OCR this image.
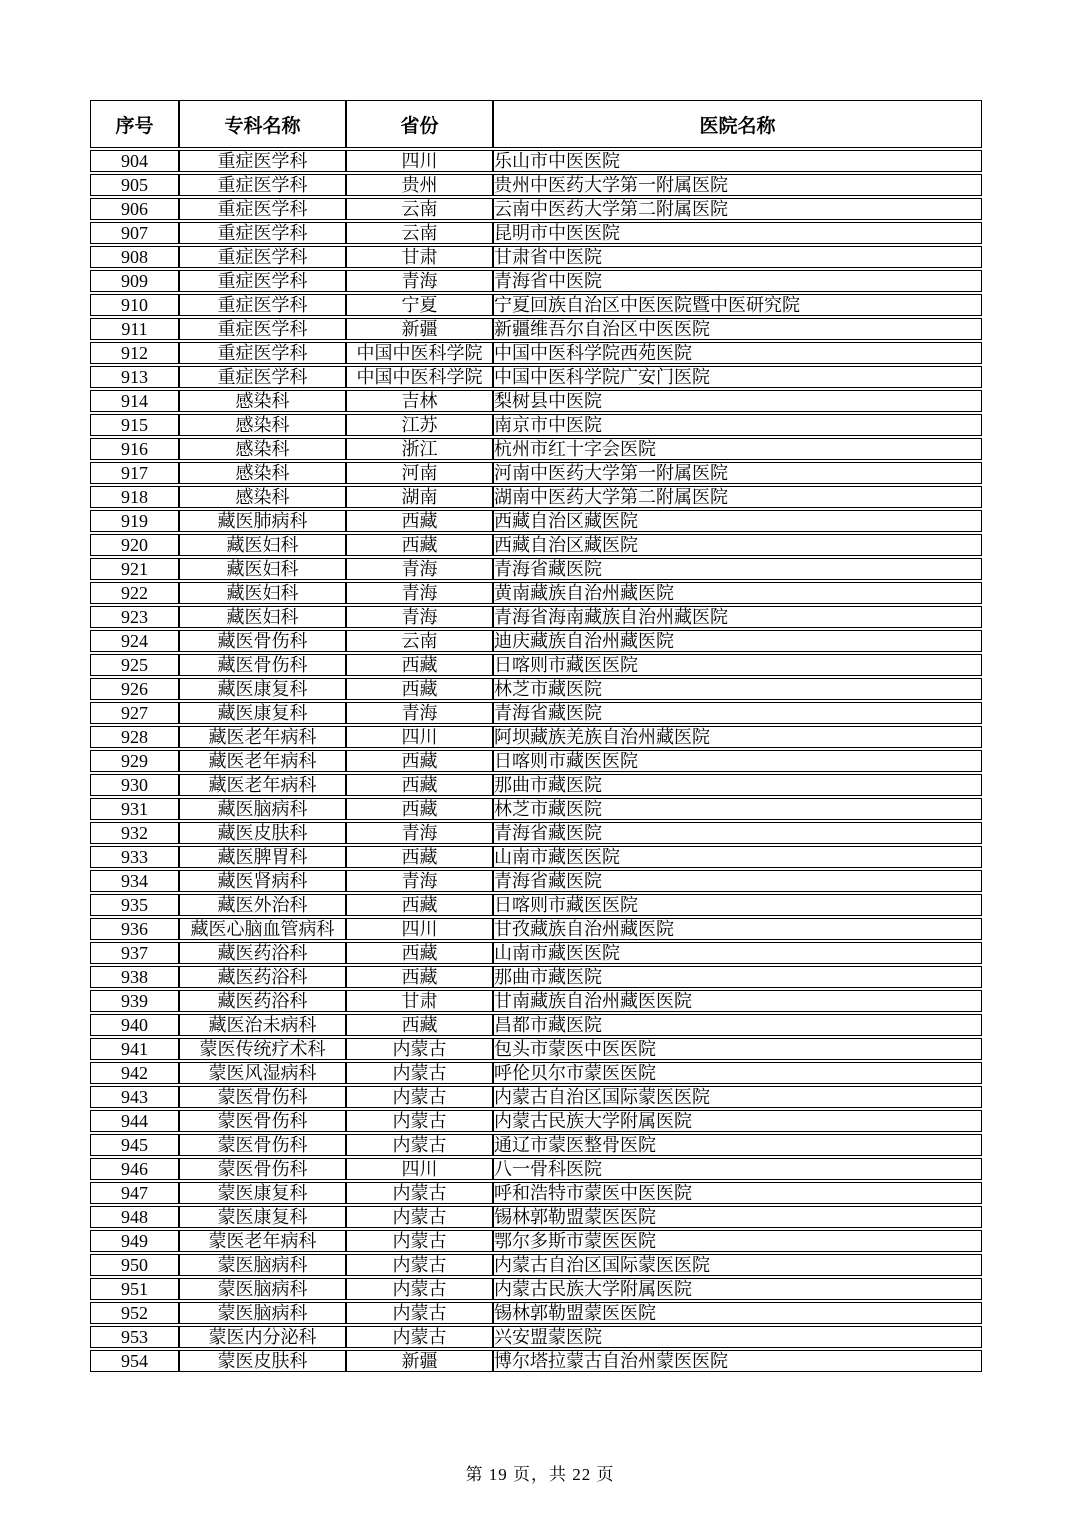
序号	专科名称	省份	医院名称
904	重症医学科	四川	乐山市中医医院
905	重症医学科	贵州	贵州中医药大学第一附属医院
906	重症医学科	云南	云南中医药大学第二附属医院
907	重症医学科	云南	昆明市中医医院
908	重症医学科	甘肃	甘肃省中医院
909	重症医学科	青海	青海省中医院
910	重症医学科	宁夏	宁夏回族自治区中医医院暨中医研究院
911	重症医学科	新疆	新疆维吾尔自治区中医医院
912	重症医学科	中国中医科学院	中国中医科学院西苑医院
913	重症医学科	中国中医科学院	中国中医科学院广安门医院
914	感染科	吉林	梨树县中医院
915	感染科	江苏	南京市中医院
916	感染科	浙江	杭州市红十字会医院
917	感染科	河南	河南中医药大学第一附属医院
918	感染科	湖南	湖南中医药大学第二附属医院
919	藏医肺病科	西藏	西藏自治区藏医院
920	藏医妇科	西藏	西藏自治区藏医院
921	藏医妇科	青海	青海省藏医院
922	藏医妇科	青海	黄南藏族自治州藏医院
923	藏医妇科	青海	青海省海南藏族自治州藏医院
924	藏医骨伤科	云南	迪庆藏族自治州藏医院
925	藏医骨伤科	西藏	日喀则市藏医医院
926	藏医康复科	西藏	林芝市藏医院
927	藏医康复科	青海	青海省藏医院
928	藏医老年病科	四川	阿坝藏族羌族自治州藏医院
929	藏医老年病科	西藏	日喀则市藏医医院
930	藏医老年病科	西藏	那曲市藏医院
931	藏医脑病科	西藏	林芝市藏医院
932	藏医皮肤科	青海	青海省藏医院
933	藏医脾胃科	西藏	山南市藏医医院
934	藏医肾病科	青海	青海省藏医院
935	藏医外治科	西藏	日喀则市藏医医院
936	藏医心脑血管病科	四川	甘孜藏族自治州藏医院
937	藏医药浴科	西藏	山南市藏医医院
938	藏医药浴科	西藏	那曲市藏医院
939	藏医药浴科	甘肃	甘南藏族自治州藏医医院
940	藏医治未病科	西藏	昌都市藏医院
941	蒙医传统疗术科	内蒙古	包头市蒙医中医医院
942	蒙医风湿病科	内蒙古	呼伦贝尔市蒙医医院
943	蒙医骨伤科	内蒙古	内蒙古自治区国际蒙医医院
944	蒙医骨伤科	内蒙古	内蒙古民族大学附属医院
945	蒙医骨伤科	内蒙古	通辽市蒙医整骨医院
946	蒙医骨伤科	四川	八一骨科医院
947	蒙医康复科	内蒙古	呼和浩特市蒙医中医医院
948	蒙医康复科	内蒙古	锡林郭勒盟蒙医医院
949	蒙医老年病科	内蒙古	鄂尔多斯市蒙医医院
950	蒙医脑病科	内蒙古	内蒙古自治区国际蒙医医院
951	蒙医脑病科	内蒙古	内蒙古民族大学附属医院
952	蒙医脑病科	内蒙古	锡林郭勒盟蒙医医院
953	蒙医内分泌科	内蒙古	兴安盟蒙医院
954	蒙医皮肤科	新疆	博尔塔拉蒙古自治州蒙医医院
第 19 页，共 22 页
